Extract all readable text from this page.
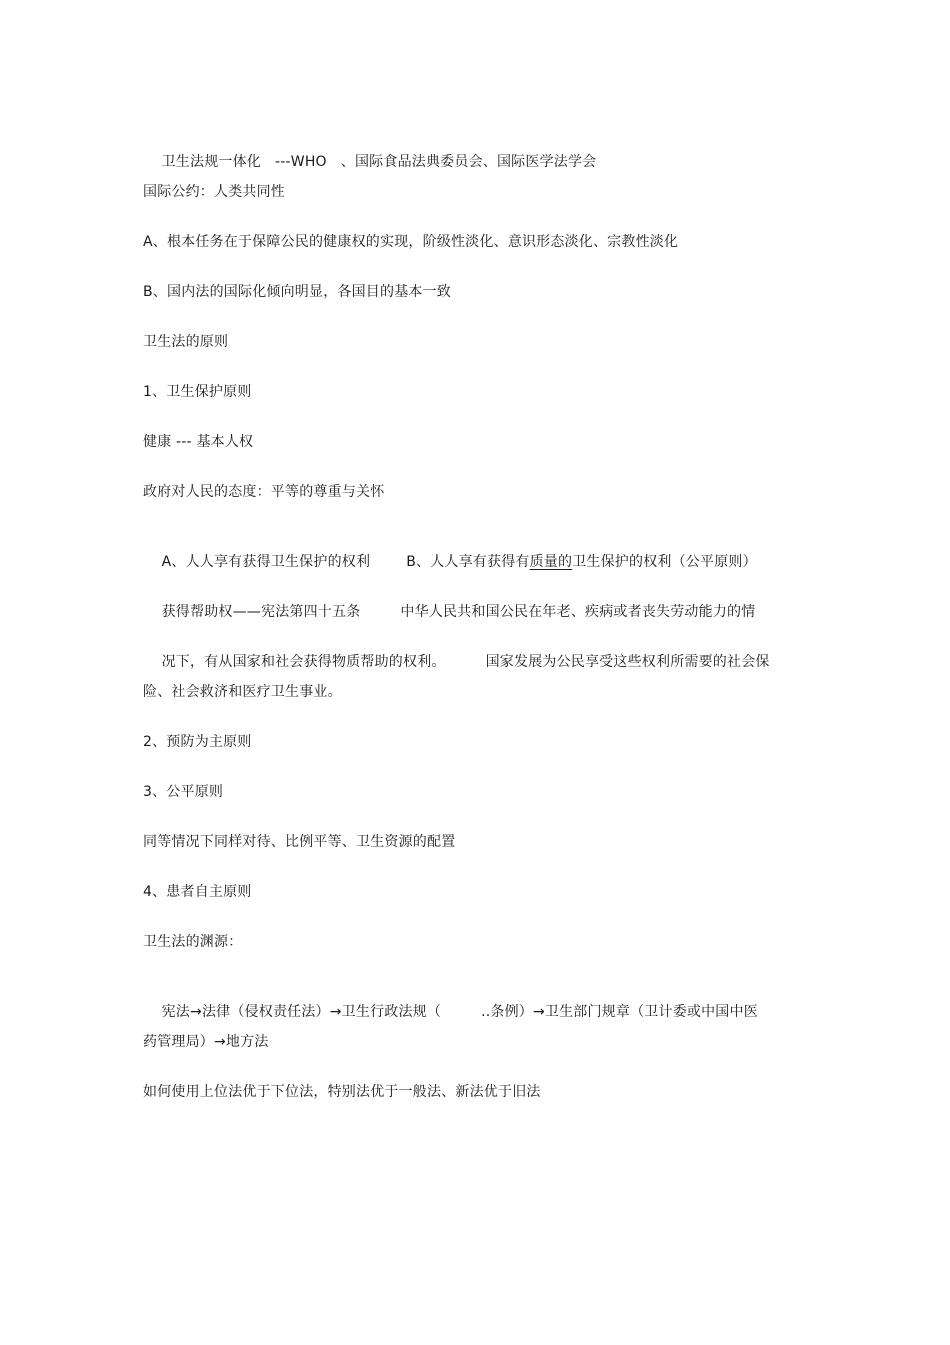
卫生法规一体化 ---WHO 、国际食品法典委员会、国际医学法学会

国际公约：人类共同性
A、根本任务在于保障公民的健康权的实现，阶级性淡化、意识形态淡化、宗教性淡化
B、国内法的国际化倾向明显，各国目的基本一致
卫生法的原则
1、卫生保护原则
健康 --- 基本人权
政府对人民的态度：平等的尊重与关怀

A、人人享有获得卫生保护的权利	B、人人享有获得有质量的卫生保护的权利（公平原则）

获得帮助权——宪法第四十五条	中华人民共和国公民在年老、疾病或者丧失劳动能力的情

况下，有从国家和社会获得物质帮助的权利。	国家发展为公民享受这些权利所需要的社会保

险、社会救济和医疗卫生事业。
2、预防为主原则
3、公平原则
同等情况下同样对待、比例平等、卫生资源的配置
4、患者自主原则
卫生法的渊源：

宪法→法律（侵权责任法）→卫生行政法规（	..条例）→卫生部门规章（卫计委或中国中医

药管理局）→地方法
如何使用上位法优于下位法，特别法优于一般法、新法优于旧法
